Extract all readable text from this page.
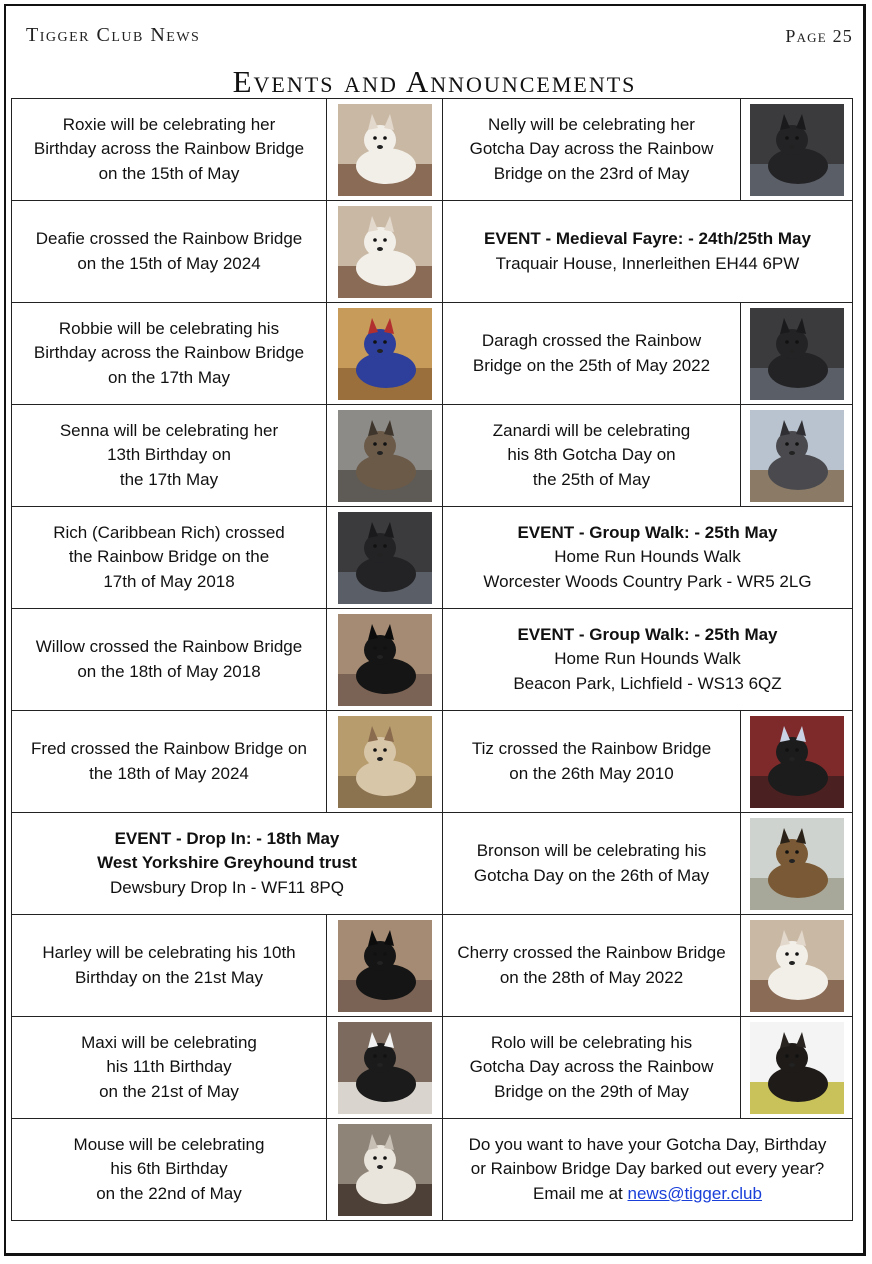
Tigger Club News	Page 25
Events and Announcements
Roxie will be celebrating her
Birthday across the Rainbow Bridge
on the 15th of May		Nelly will be celebrating her
Gotcha Day across the Rainbow
Bridge on the 23rd of May

Deafie crossed the Rainbow Bridge
on the 15th of May 2024		EVENT - Medieval Fayre: - 24th/25th May
Traquair House, Innerleithen EH44 6PW	

Robbie will be celebrating his
Birthday across the Rainbow Bridge
on the 17th May		Daragh crossed the Rainbow
Bridge on the 25th of May 2022

Senna will be celebrating her
13th Birthday on
the 17th May		Zanardi will be celebrating
his 8th Gotcha Day on
the 25th of May

Rich (Caribbean Rich) crossed
the Rainbow Bridge on the
17th of May 2018		EVENT - Group Walk: - 25th May
Home Run Hounds Walk
Worcester Woods Country Park - WR5 2LG	

Willow crossed the Rainbow Bridge
on the 18th of May 2018		EVENT - Group Walk: - 25th May
Home Run Hounds Walk
Beacon Park, Lichfield - WS13 6QZ	

Fred crossed the Rainbow Bridge on
the 18th of May 2024		Tiz crossed the Rainbow Bridge
on the 26th May 2010

EVENT - Drop In: - 18th May
West Yorkshire Greyhound trust
Dewsbury Drop In - WF11 8PQ		Bronson will be celebrating his
Gotcha Day on the 26th of May

Harley will be celebrating his 10th
Birthday on the 21st May		Cherry crossed the Rainbow Bridge
on the 28th of May 2022

Maxi will be celebrating
his 11th Birthday
on the 21st of May		Rolo will be celebrating his
Gotcha Day across the Rainbow
Bridge on the 29th of May

Mouse will be celebrating
his 6th Birthday
on the 22nd of May		Do you want to have your Gotcha Day, Birthday
or Rainbow Bridge Day barked out every year?
Email me at news@tigger.club	
